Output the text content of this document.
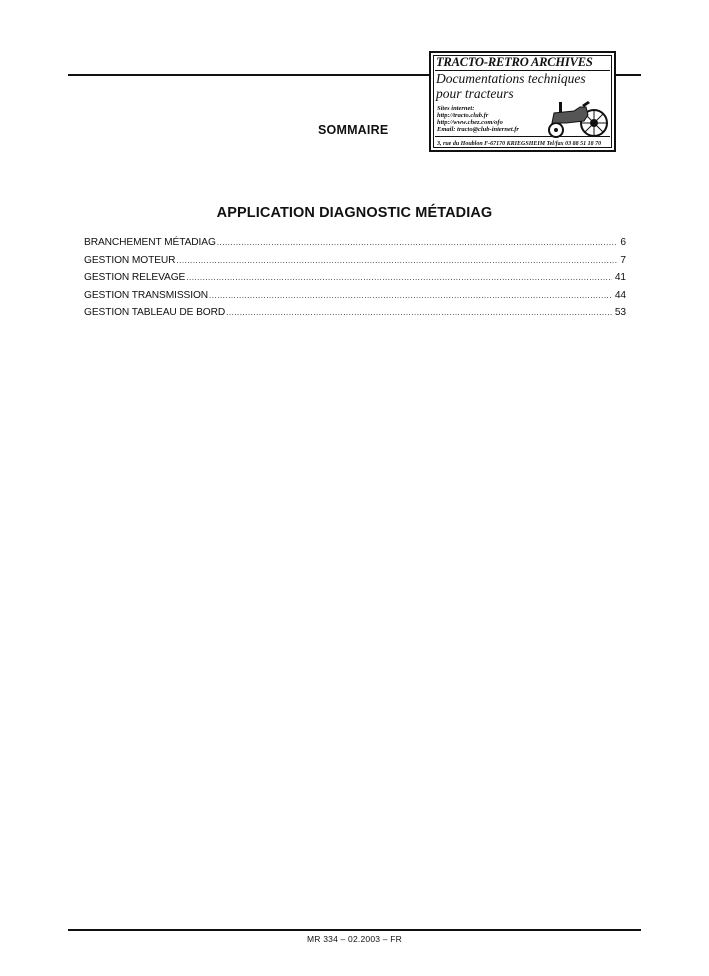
TRACTO-RETRO ARCHIVES
Documentations techniques
pour tracteurs
Sites internet:
http://tracto.club.fr
http://www.chez.com/ofo
Email: tracto@club-internet.fr
3, rue du Houblon F-67170 KRIEGSHEIM Tel/fax 03 88 51 18 70
SOMMAIRE
APPLICATION DIAGNOSTIC MÉTADIAG
BRANCHEMENT MÉTADIAG .....	6
GESTION MOTEUR .....	7
GESTION RELEVAGE .....	41
GESTION TRANSMISSION .....	44
GESTION TABLEAU DE BORD .....	53
MR 334 – 02.2003 – FR
